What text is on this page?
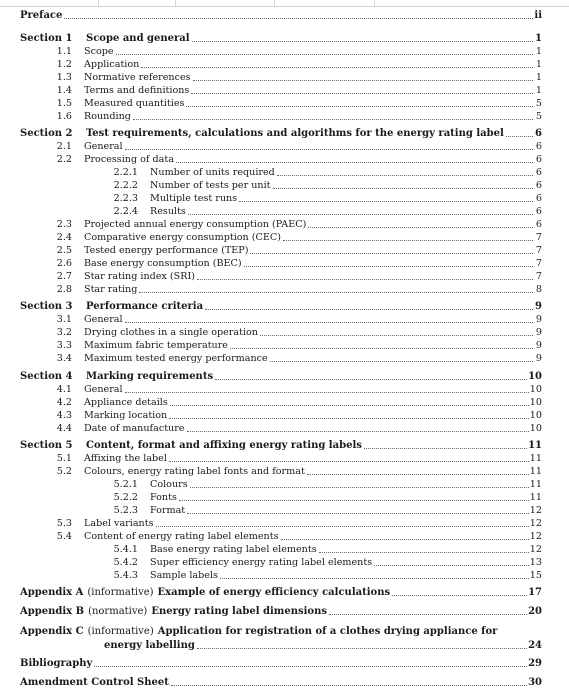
Preface	ii
Section 1	Scope and general	1
1.1	Scope	1
1.2	Application	1
1.3	Normative references	1
1.4	Terms and definitions	1
1.5	Measured quantities	5
1.6	Rounding	5
Section 2	Test requirements, calculations and algorithms for the energy rating label	6
2.1	General	6
2.2	Processing of data	6
2.2.1	Number of units required	6
2.2.2	Number of tests per unit	6
2.2.3	Multiple test runs	6
2.2.4	Results	6
2.3	Projected annual energy consumption (PAEC)	6
2.4	Comparative energy consumption (CEC)	7
2.5	Tested energy performance (TEP)	7
2.6	Base energy consumption (BEC)	7
2.7	Star rating index (SRI)	7
2.8	Star rating	8
Section 3	Performance criteria	9
3.1	General	9
3.2	Drying clothes in a single operation	9
3.3	Maximum fabric temperature	9
3.4	Maximum tested energy performance	9
Section 4	Marking requirements	10
4.1	General	10
4.2	Appliance details	10
4.3	Marking location	10
4.4	Date of manufacture	10
Section 5	Content, format and affixing energy rating labels	11
5.1	Affixing the label	11
5.2	Colours, energy rating label fonts and format	11
5.2.1	Colours	11
5.2.2	Fonts	11
5.2.3	Format	12
5.3	Label variants	12
5.4	Content of energy rating label elements	12
5.4.1	Base energy rating label elements	12
5.4.2	Super efficiency energy rating label elements	13
5.4.3	Sample labels	15
Appendix A (informative) Example of energy efficiency calculations	17
Appendix B (normative) Energy rating label dimensions	20
Appendix C (informative) Application for registration of a clothes drying appliance for
energy labelling	24
Bibliography	29
Amendment Control Sheet	30
